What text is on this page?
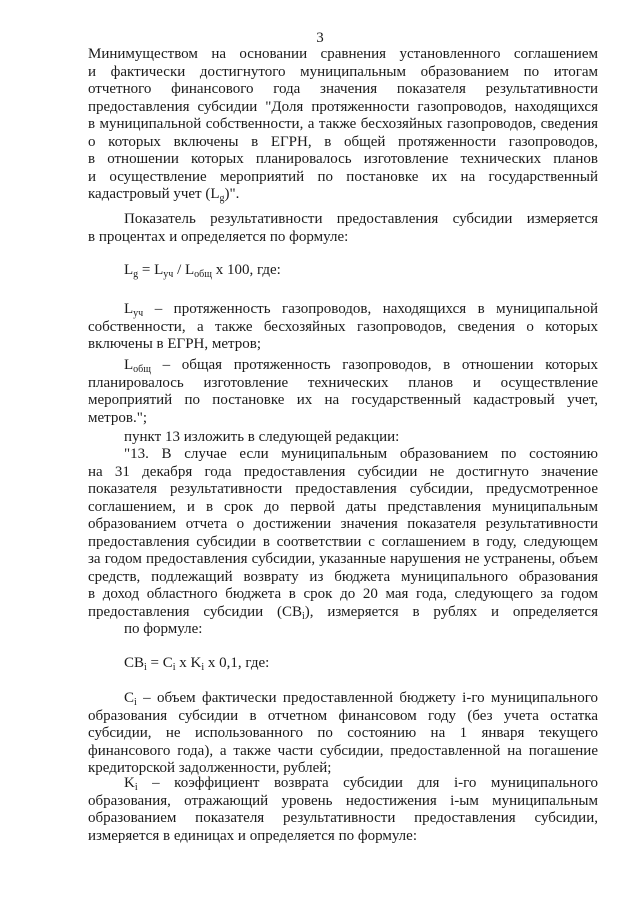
3
Минимуществом на основании сравнения установленного соглашением
и фактически достигнутого муниципальным образованием по итогам
отчетного финансового года значения показателя результативности
предоставления субсидии "Доля протяженности газопроводов, находящихся
в муниципальной собственности, а также бесхозяйных газопроводов, сведения
о которых включены в ЕГРН, в общей протяженности газопроводов,
в отношении которых планировалось изготовление технических планов
и осуществление мероприятий по постановке их на государственный
кадастровый учет $(L_g)$".
Показатель результативности предоставления субсидии измеряется
в процентах и определяется по формуле:
$L_g = L_{уч} / L_{общ}$ x 100, где:
$L_{уч}$ – протяженность газопроводов, находящихся в муниципальной
собственности, а также бесхозяйных газопроводов, сведения о которых
включены в ЕГРН, метров;
$L_{общ}$ – общая протяженность газопроводов, в отношении которых
планировалось изготовление технических планов и осуществление
мероприятий по постановке их на государственный кадастровый учет,
метров.";
пункт 13 изложить в следующей редакции:
"13. В случае если муниципальным образованием по состоянию
на 31 декабря года предоставления субсидии не достигнуто значение
показателя результативности предоставления субсидии, предусмотренное
соглашением, и в срок до первой даты представления муниципальным
образованием отчета о достижении значения показателя результативности
предоставления субсидии в соответствии с соглашением в году, следующем
за годом предоставления субсидии, указанные нарушения не устранены, объем
средств, подлежащий возврату из бюджета муниципального образования
в доход областного бюджета в срок до 20 мая года, следующего за годом
предоставления субсидии $(CB_i)$, измеряется в рублях и определяется
по формуле:
$CB_i = C_i$ x $K_i$ x 0,1, где:
$C_i$ – объем фактически предоставленной бюджету i-го муниципального
образования субсидии в отчетном финансовом году (без учета остатка
субсидии, не использованного по состоянию на 1 января текущего
финансового года), а также части субсидии, предоставленной на погашение
кредиторской задолженности, рублей;
$K_i$ – коэффициент возврата субсидии для i-го муниципального
образования, отражающий уровень недостижения i-ым муниципальным
образованием показателя результативности предоставления субсидии,
измеряется в единицах и определяется по формуле:
